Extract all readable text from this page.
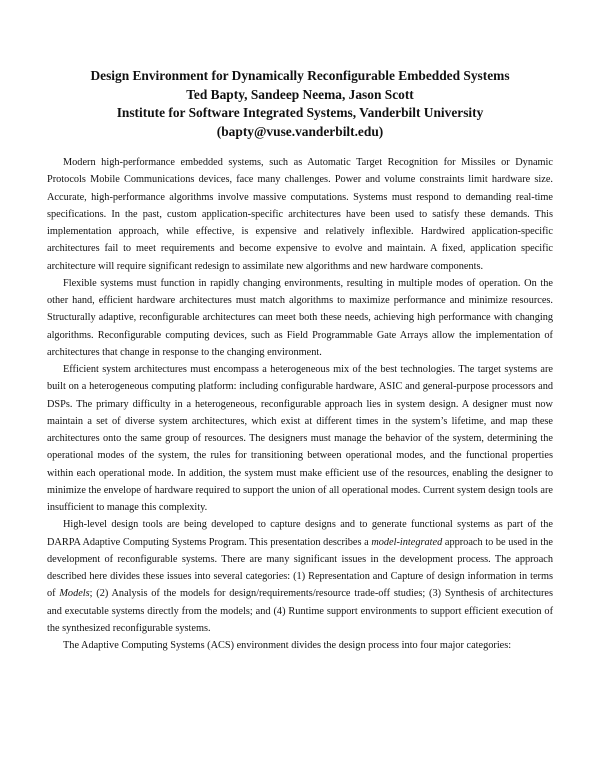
Design Environment for Dynamically Reconfigurable Embedded Systems
Ted Bapty, Sandeep Neema, Jason Scott
Institute for Software Integrated Systems, Vanderbilt University
(bapty@vuse.vanderbilt.edu)

Modern high-performance embedded systems, such as Automatic Target Recognition for Missiles or Dynamic Protocols Mobile Communications devices, face many challenges. Power and volume constraints limit hardware size. Accurate, high-performance algorithms involve massive computations. Systems must respond to demanding real-time specifications. In the past, custom application-specific architectures have been used to satisfy these demands. This implementation approach, while effective, is expensive and relatively inflexible. Hardwired application-specific architectures fail to meet requirements and become expensive to evolve and maintain. A fixed, application specific architecture will require significant redesign to assimilate new algorithms and new hardware components.

Flexible systems must function in rapidly changing environments, resulting in multiple modes of operation. On the other hand, efficient hardware architectures must match algorithms to maximize performance and minimize resources. Structurally adaptive, reconfigurable architectures can meet both these needs, achieving high performance with changing algorithms. Reconfigurable computing devices, such as Field Programmable Gate Arrays allow the implementation of architectures that change in response to the changing environment.

Efficient system architectures must encompass a heterogeneous mix of the best technologies. The target systems are built on a heterogeneous computing platform: including configurable hardware, ASIC and general-purpose processors and DSPs. The primary difficulty in a heterogeneous, reconfigurable approach lies in system design. A designer must now maintain a set of diverse system architectures, which exist at different times in the system’s lifetime, and map these architectures onto the same group of resources. The designers must manage the behavior of the system, determining the operational modes of the system, the rules for transitioning between operational modes, and the functional properties within each operational mode. In addition, the system must make efficient use of the resources, enabling the designer to minimize the envelope of hardware required to support the union of all operational modes. Current system design tools are insufficient to manage this complexity.

High-level design tools are being developed to capture designs and to generate functional systems as part of the DARPA Adaptive Computing Systems Program. This presentation describes a model-integrated approach to be used in the development of reconfigurable systems. There are many significant issues in the development process. The approach described here divides these issues into several categories: (1) Representation and Capture of design information in terms of Models; (2) Analysis of the models for design/requirements/resource trade-off studies; (3) Synthesis of architectures and executable systems directly from the models; and (4) Runtime support environments to support efficient execution of the synthesized reconfigurable systems.

The Adaptive Computing Systems (ACS) environment divides the design process into four major categories:
